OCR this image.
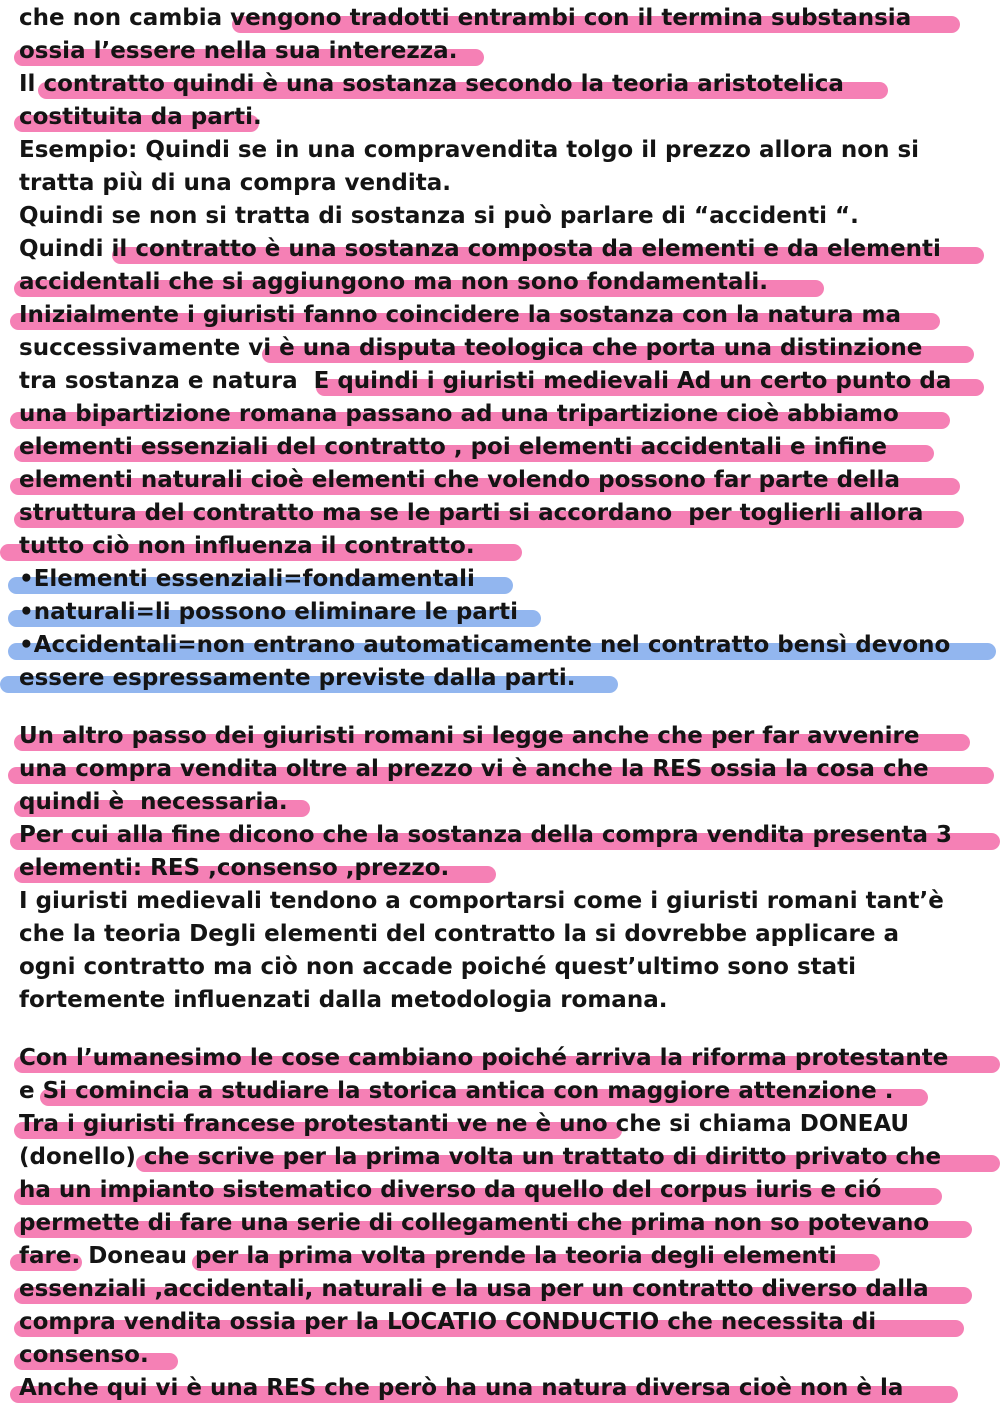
che non cambia vengono tradotti entrambi con il termina substansia
ossia l’essere nella sua interezza.
Il contratto quindi è una sostanza secondo la teoria aristotelica
costituita da parti.
Esempio: Quindi se in una compravendita tolgo il prezzo allora non si
tratta più di una compra vendita.
Quindi se non si tratta di sostanza si può parlare di “accidenti “.
Quindi il contratto è una sostanza composta da elementi e da elementi
accidentali che si aggiungono ma non sono fondamentali.
Inizialmente i giuristi fanno coincidere la sostanza con la natura ma
successivamente vi è una disputa teologica che porta una distinzione
tra sostanza e natura  E quindi i giuristi medievali Ad un certo punto da
una bipartizione romana passano ad una tripartizione cioè abbiamo
elementi essenziali del contratto , poi elementi accidentali e infine
elementi naturali cioè elementi che volendo possono far parte della
struttura del contratto ma se le parti si accordano  per toglierli allora
tutto ciò non influenza il contratto.
•Elementi essenziali=fondamentali
•naturali=li possono eliminare le parti
•Accidentali=non entrano automaticamente nel contratto bensì devono
essere espressamente previste dalla parti.
Un altro passo dei giuristi romani si legge anche che per far avvenire
una compra vendita oltre al prezzo vi è anche la RES ossia la cosa che
quindi è  necessaria.
Per cui alla fine dicono che la sostanza della compra vendita presenta 3
elementi: RES ,consenso ,prezzo.
I giuristi medievali tendono a comportarsi come i giuristi romani tant’è
che la teoria Degli elementi del contratto la si dovrebbe applicare a
ogni contratto ma ciò non accade poiché quest’ultimo sono stati
fortemente influenzati dalla metodologia romana.
Con l’umanesimo le cose cambiano poiché arriva la riforma protestante
e Si comincia a studiare la storica antica con maggiore attenzione .
Tra i giuristi francese protestanti ve ne è uno che si chiama DONEAU
(donello) che scrive per la prima volta un trattato di diritto privato che
ha un impianto sistematico diverso da quello del corpus iuris e ció
permette di fare una serie di collegamenti che prima non so potevano
fare. Doneau per la prima volta prende la teoria degli elementi
essenziali ,accidentali, naturali e la usa per un contratto diverso dalla
compra vendita ossia per la LOCATIO CONDUCTIO che necessita di
consenso.
Anche qui vi è una RES che però ha una natura diversa cioè non è la
